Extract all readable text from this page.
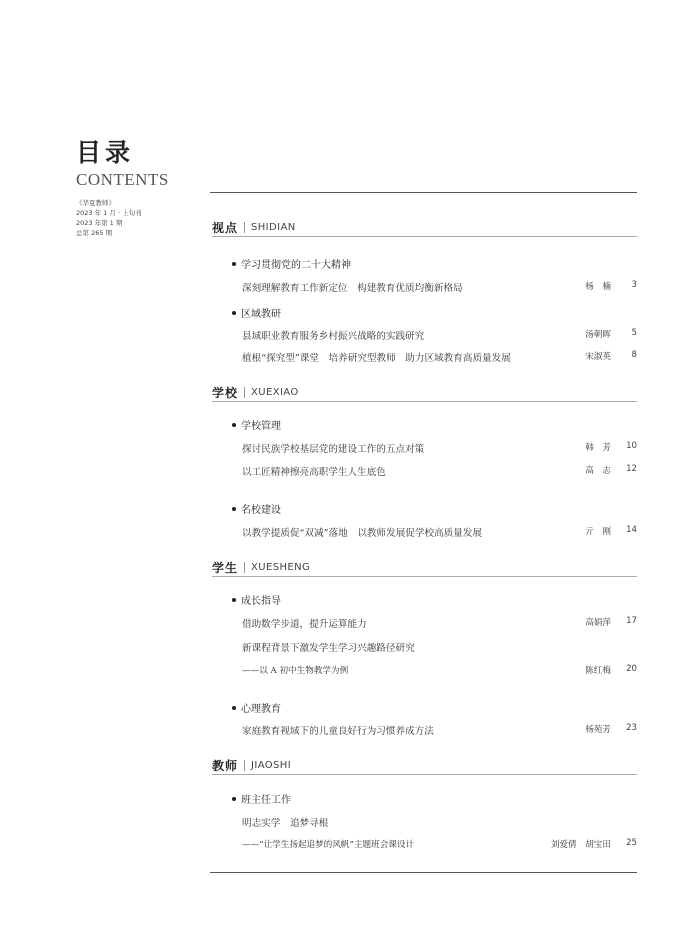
目录
CONTENTS
《华夏教师》
2023 年 1 月 · 上旬刊
2023 年第 1 期
总第 265 期	视点 SHIDIAN
学习贯彻党的二十大精神
深刻理解教育工作新定位　构建教育优质均衡新格局	杨　楠	3
区域教研
县域职业教育服务乡村振兴战略的实践研究	汤朝晖	5
植根“探究型”课堂　培养研究型教师　助力区域教育高质量发展	宋淑英	8
学校 XUEXIAO
学校管理
探讨民族学校基层党的建设工作的五点对策	韩　芳	10
以工匠精神擦亮高职学生人生底色	高　志	12
名校建设
以教学提质促“双减”落地　以教师发展促学校高质量发展	亓　刚	14
学生 XUESHENG
成长指导
借助数学步道，提升运算能力	高娟萍	17
新课程背景下激发学生学习兴趣路径研究
——以 A 初中生物教学为例	陈红梅	20
心理教育
家庭教育视域下的儿童良好行为习惯养成方法	杨苑芳	23
教师 JIAOSHI
班主任工作
明志实学　追梦寻根
——“让学生扬起追梦的风帆”主题班会课设计	刘爱倩　胡宝田	25
